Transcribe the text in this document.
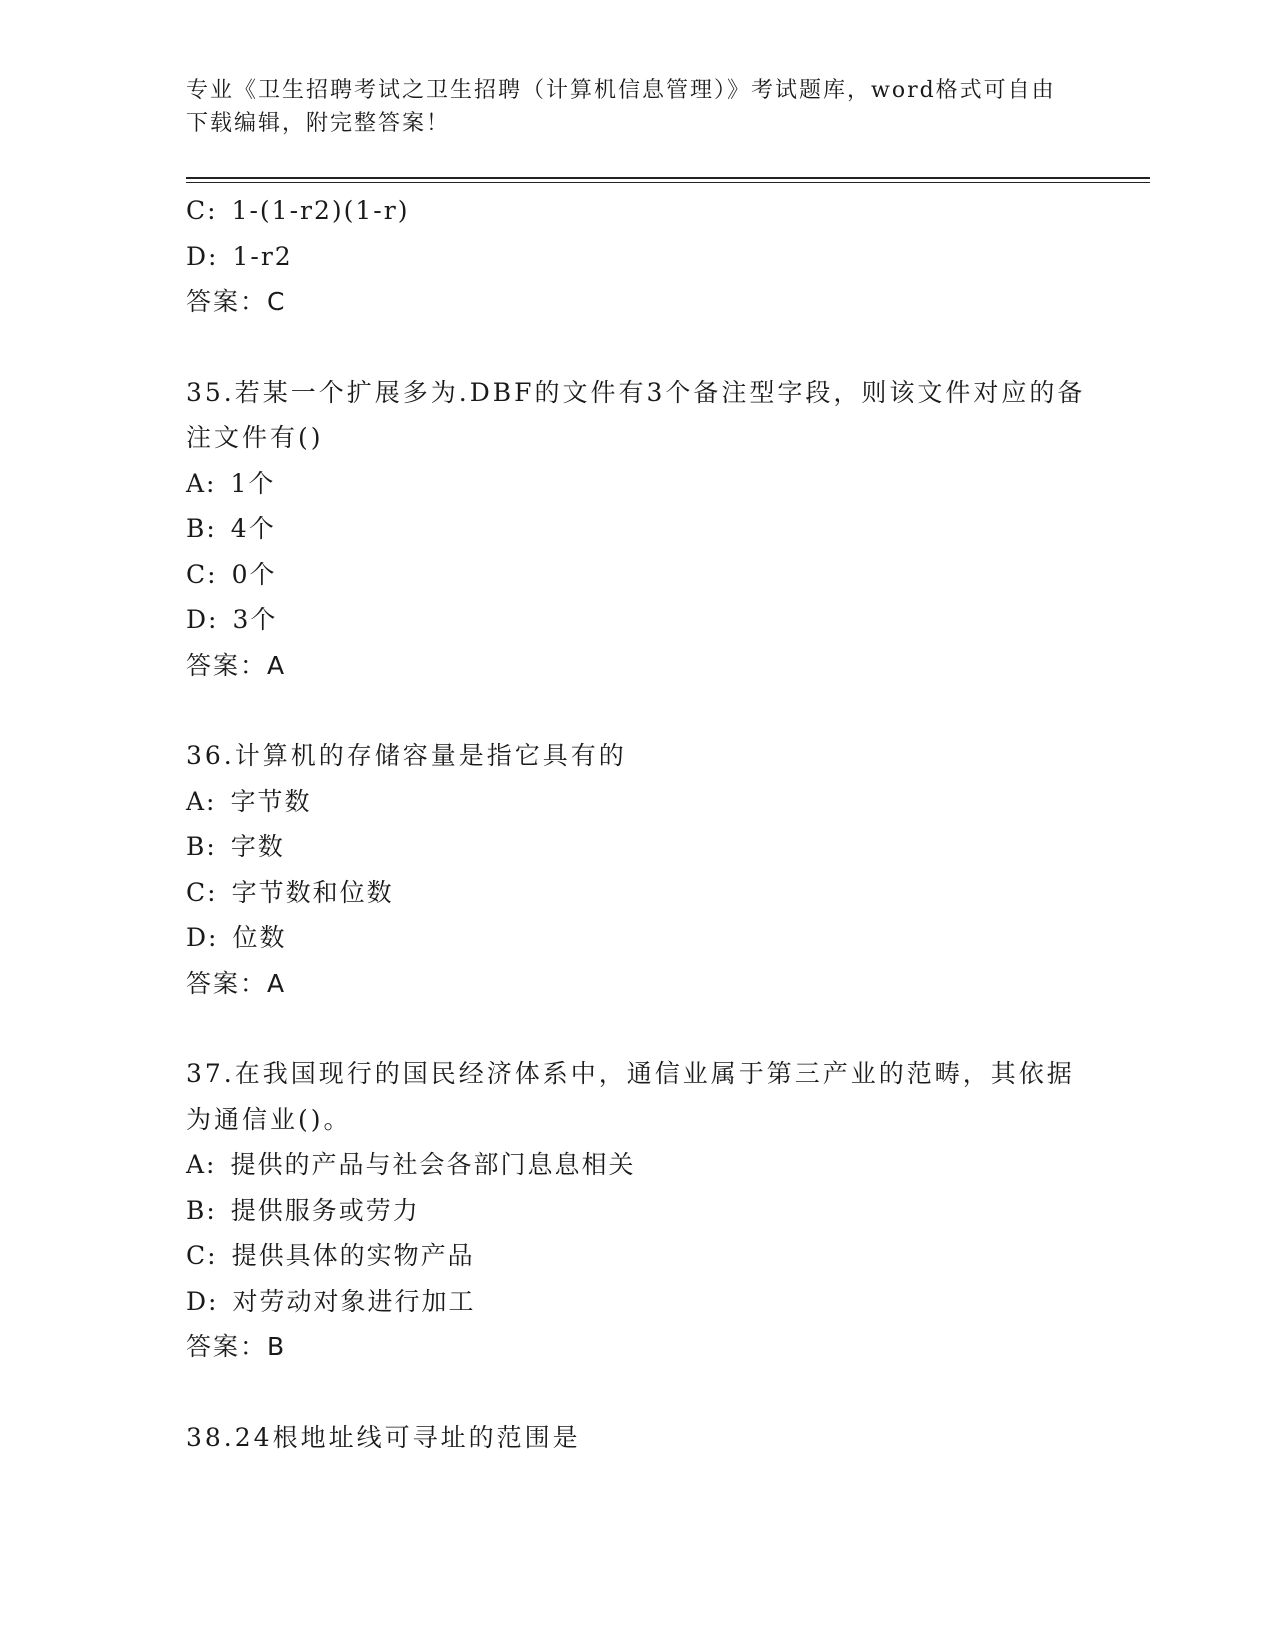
专业《卫生招聘考试之卫生招聘（计算机信息管理）》考试题库，word格式可自由下载编辑，附完整答案！
C: 1-(1-r2)(1-r)
D: 1-r2
答案：C
35.若某一个扩展多为.DBF的文件有3个备注型字段，则该文件对应的备注文件有()
A: 1个
B: 4个
C: 0个
D: 3个
答案：A
36.计算机的存储容量是指它具有的
A: 字节数
B: 字数
C: 字节数和位数
D: 位数
答案：A
37.在我国现行的国民经济体系中，通信业属于第三产业的范畴，其依据为通信业()。
A: 提供的产品与社会各部门息息相关
B: 提供服务或劳力
C: 提供具体的实物产品
D: 对劳动对象进行加工
答案：B
38.24根地址线可寻址的范围是
